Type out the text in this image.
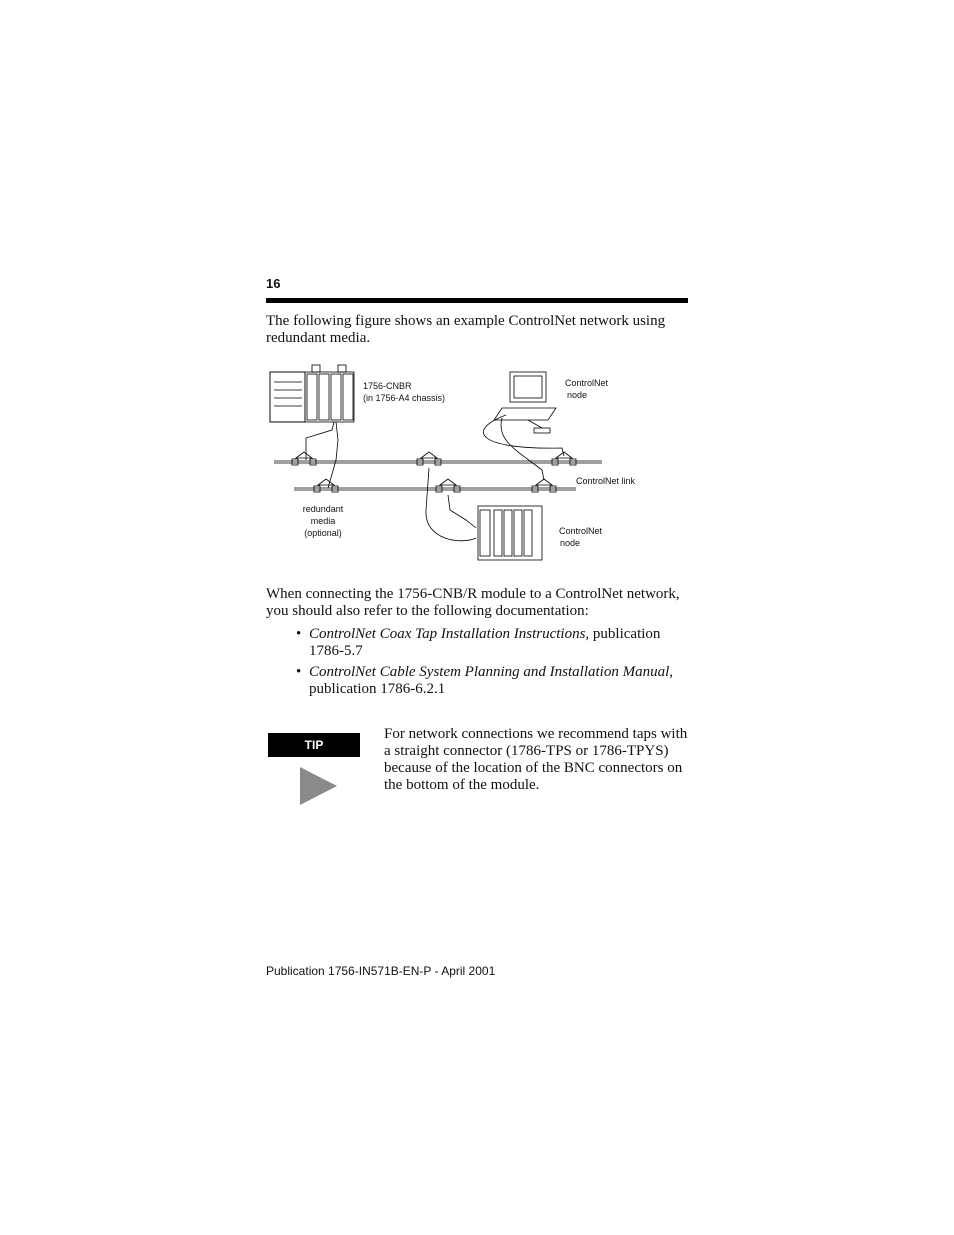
16
The following figure shows an example ControlNet network using redundant media.
1756-CNBR
(in 1756-A4 chassis)
ControlNet
node
ControlNet link
redundant media
(optional)	ControlNet
node
When connecting the 1756-CNB/R module to a ControlNet network, you should also refer to the following documentation:
• ControlNet Coax Tap Installation Instructions, publication 1786-5.7
• ControlNet Cable System Planning and Installation Manual, publication 1786-6.2.1
TIP
For network connections we recommend taps with a straight connector (1786-TPS or 1786-TPYS) because of the location of the BNC connectors on the bottom of the module.
Publication 1756-IN571B-EN-P - April 2001
